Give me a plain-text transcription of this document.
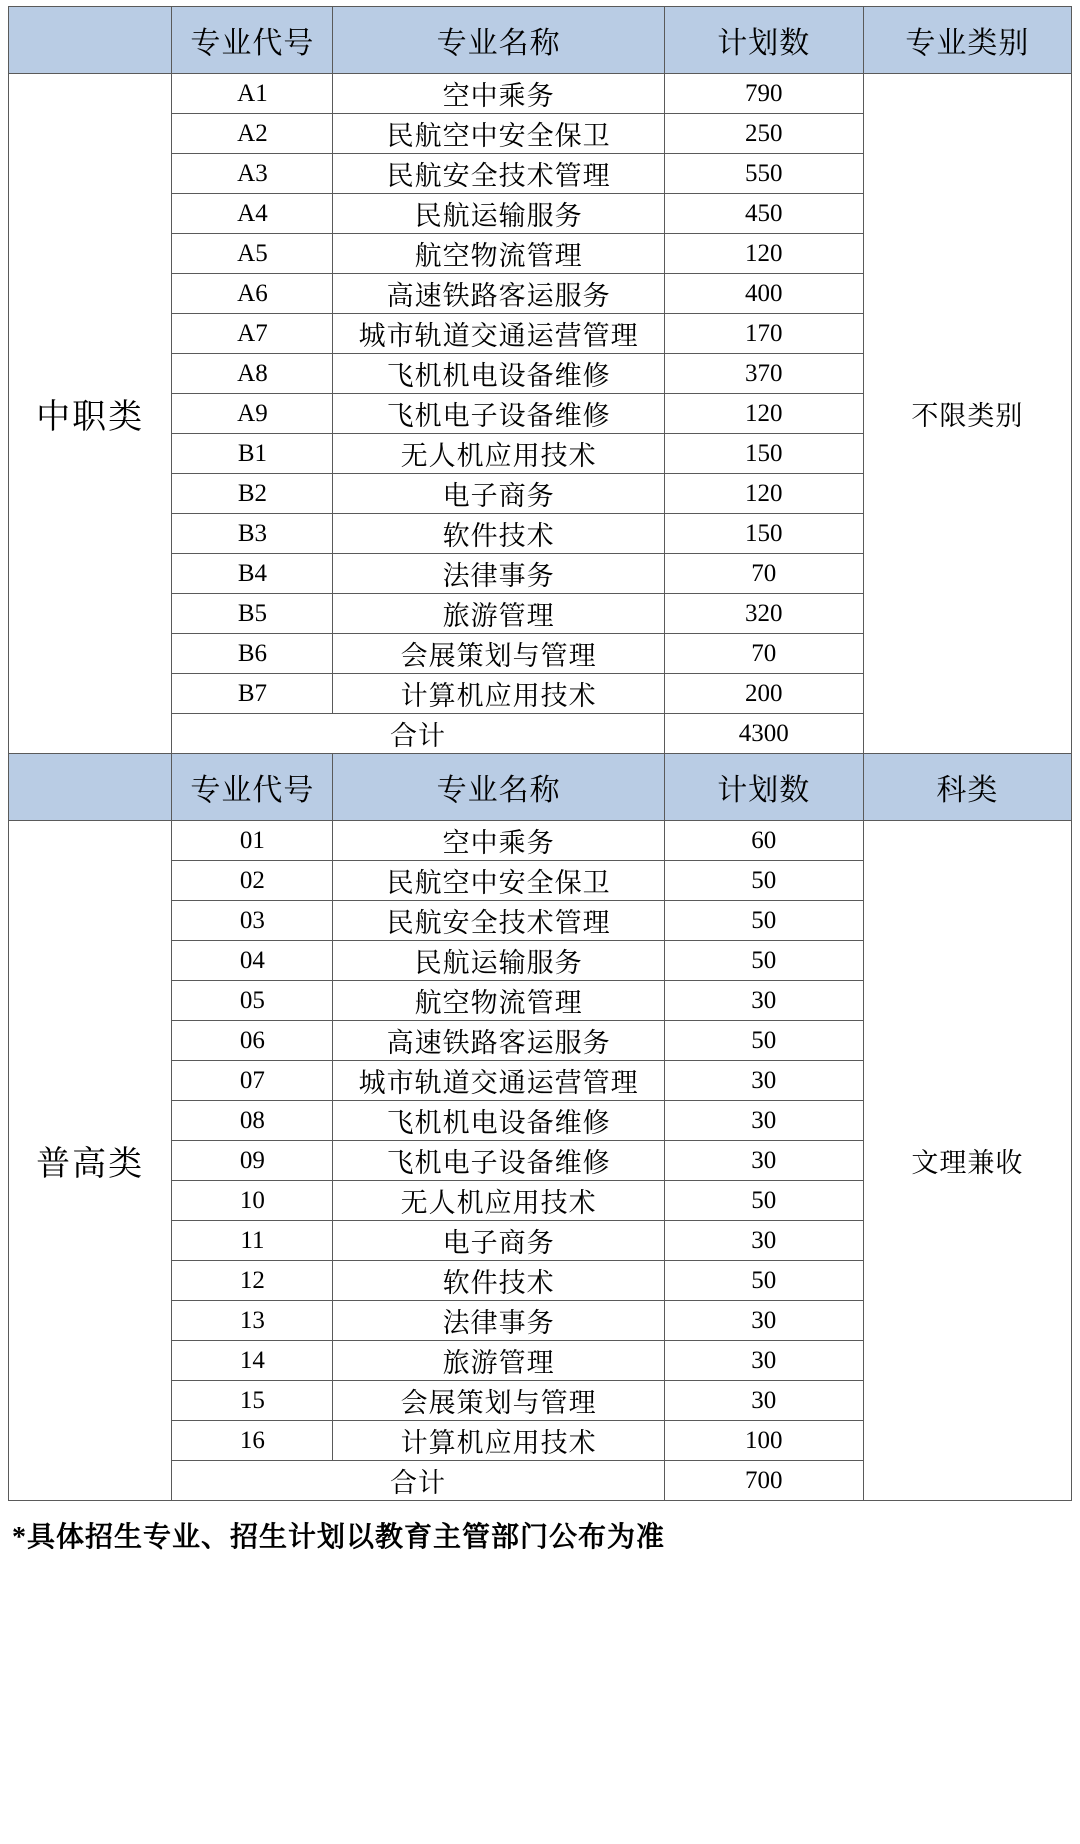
	专业代号	专业名称	计划数	专业类别
中职类	A1	空中乘务	790	不限类别
	A2	民航空中安全保卫	250	
	A3	民航安全技术管理	550	
	A4	民航运输服务	450	
	A5	航空物流管理	120	
	A6	高速铁路客运服务	400	
	A7	城市轨道交通运营管理	170	
	A8	飞机机电设备维修	370	
	A9	飞机电子设备维修	120	
	B1	无人机应用技术	150	
	B2	电子商务	120	
	B3	软件技术	150	
	B4	法律事务	70	
	B5	旅游管理	320	
	B6	会展策划与管理	70	
	B7	计算机应用技术	200	
	合计		4300	
	专业代号	专业名称	计划数	科类
普高类	01	空中乘务	60	文理兼收
	02	民航空中安全保卫	50	
	03	民航安全技术管理	50	
	04	民航运输服务	50	
	05	航空物流管理	30	
	06	高速铁路客运服务	50	
	07	城市轨道交通运营管理	30	
	08	飞机机电设备维修	30	
	09	飞机电子设备维修	30	
	10	无人机应用技术	50	
	11	电子商务	30	
	12	软件技术	50	
	13	法律事务	30	
	14	旅游管理	30	
	15	会展策划与管理	30	
	16	计算机应用技术	100	
	合计		700	
*具体招生专业、招生计划以教育主管部门公布为准
